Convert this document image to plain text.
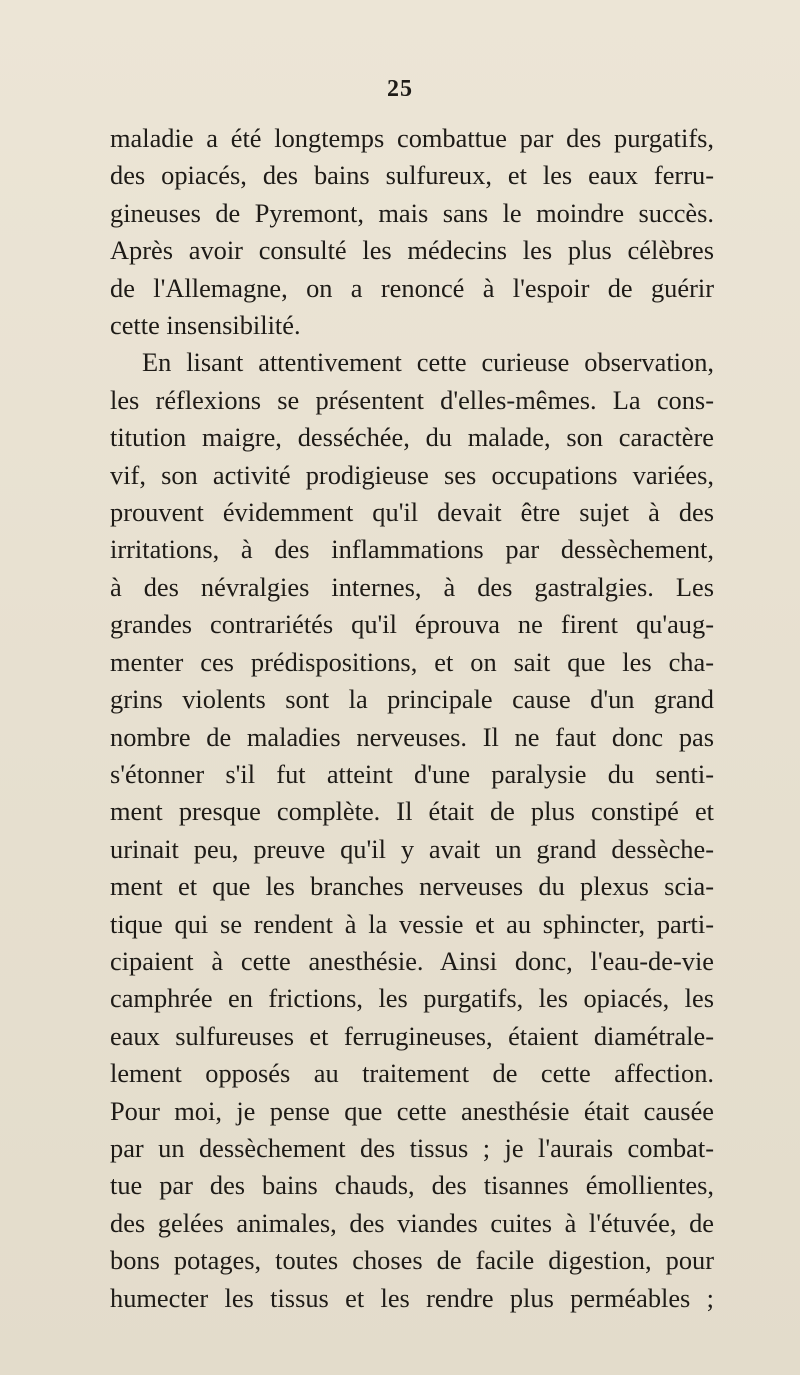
25
maladie a été longtemps combattue par des purgatifs,
des opiacés, des bains sulfureux, et les eaux ferru-
gineuses de Pyremont, mais sans le moindre succès.
Après avoir consulté les médecins les plus célèbres
de l'Allemagne, on a renoncé à l'espoir de guérir
cette insensibilité.
En lisant attentivement cette curieuse observation,
les réflexions se présentent d'elles-mêmes. La cons-
titution maigre, desséchée, du malade, son caractère
vif, son activité prodigieuse ses occupations variées,
prouvent évidemment qu'il devait être sujet à des
irritations, à des inflammations par dessèchement,
à des névralgies internes, à des gastralgies. Les
grandes contrariétés qu'il éprouva ne firent qu'aug-
menter ces prédispositions, et on sait que les cha-
grins violents sont la principale cause d'un grand
nombre de maladies nerveuses. Il ne faut donc pas
s'étonner s'il fut atteint d'une paralysie du senti-
ment presque complète. Il était de plus constipé et
urinait peu, preuve qu'il y avait un grand dessèche-
ment et que les branches nerveuses du plexus scia-
tique qui se rendent à la vessie et au sphincter, parti-
cipaient à cette anesthésie. Ainsi donc, l'eau-de-vie
camphrée en frictions, les purgatifs, les opiacés, les
eaux sulfureuses et ferrugineuses, étaient diamétrale-
lement opposés au traitement de cette affection.
Pour moi, je pense que cette anesthésie était causée
par un dessèchement des tissus ; je l'aurais combat-
tue par des bains chauds, des tisannes émollientes,
des gelées animales, des viandes cuites à l'étuvée, de
bons potages, toutes choses de facile digestion, pour
humecter les tissus et les rendre plus perméables ;
